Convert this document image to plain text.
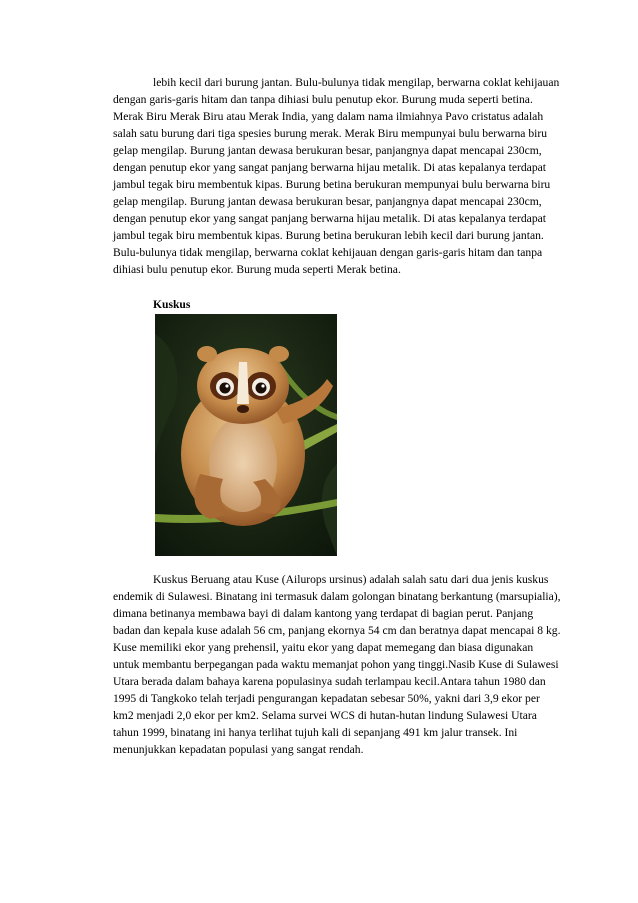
lebih kecil dari burung jantan. Bulu-bulunya tidak mengilap, berwarna coklat kehijauan dengan garis-garis hitam dan tanpa dihiasi bulu penutup ekor. Burung muda seperti betina.

Merak Biru Merak Biru atau Merak India, yang dalam nama ilmiahnya Pavo cristatus adalah salah satu burung dari tiga spesies burung merak. Merak Biru mempunyai bulu berwarna biru gelap mengilap. Burung jantan dewasa berukuran besar, panjangnya dapat mencapai 230cm, dengan penutup ekor yang sangat panjang berwarna hijau metalik. Di atas kepalanya terdapat jambul tegak biru membentuk kipas. Burung betina berukuran mempunyai bulu berwarna biru gelap mengilap. Burung jantan dewasa berukuran besar, panjangnya dapat mencapai 230cm, dengan penutup ekor yang sangat panjang berwarna hijau metalik. Di atas kepalanya terdapat jambul tegak biru membentuk kipas. Burung betina berukuran lebih kecil dari burung jantan. Bulu-bulunya tidak mengilap, berwarna coklat kehijauan dengan garis-garis hitam dan tanpa dihiasi bulu penutup ekor. Burung muda seperti Merak betina.

Kuskus

Kuskus Beruang atau Kuse (Ailurops ursinus) adalah salah satu dari dua jenis kuskus endemik di Sulawesi. Binatang ini termasuk dalam golongan binatang berkantung (marsupialia), dimana betinanya membawa bayi di dalam kantong yang terdapat di bagian perut. Panjang badan dan kepala kuse adalah 56 cm, panjang ekornya 54 cm dan beratnya dapat mencapai 8 kg. Kuse memiliki ekor yang prehensil, yaitu ekor yang dapat memegang dan biasa digunakan untuk membantu berpegangan pada waktu memanjat pohon yang tinggi.Nasib Kuse di Sulawesi Utara berada dalam bahaya karena populasinya sudah terlampau kecil.Antara tahun 1980 dan 1995 di Tangkoko telah terjadi pengurangan kepadatan sebesar 50%, yakni dari 3,9 ekor per km2 menjadi 2,0 ekor per km2. Selama survei WCS di hutan-hutan lindung Sulawesi Utara tahun 1999, binatang ini hanya terlihat tujuh kali di sepanjang 491 km jalur transek. Ini menunjukkan kepadatan populasi yang sangat rendah.
